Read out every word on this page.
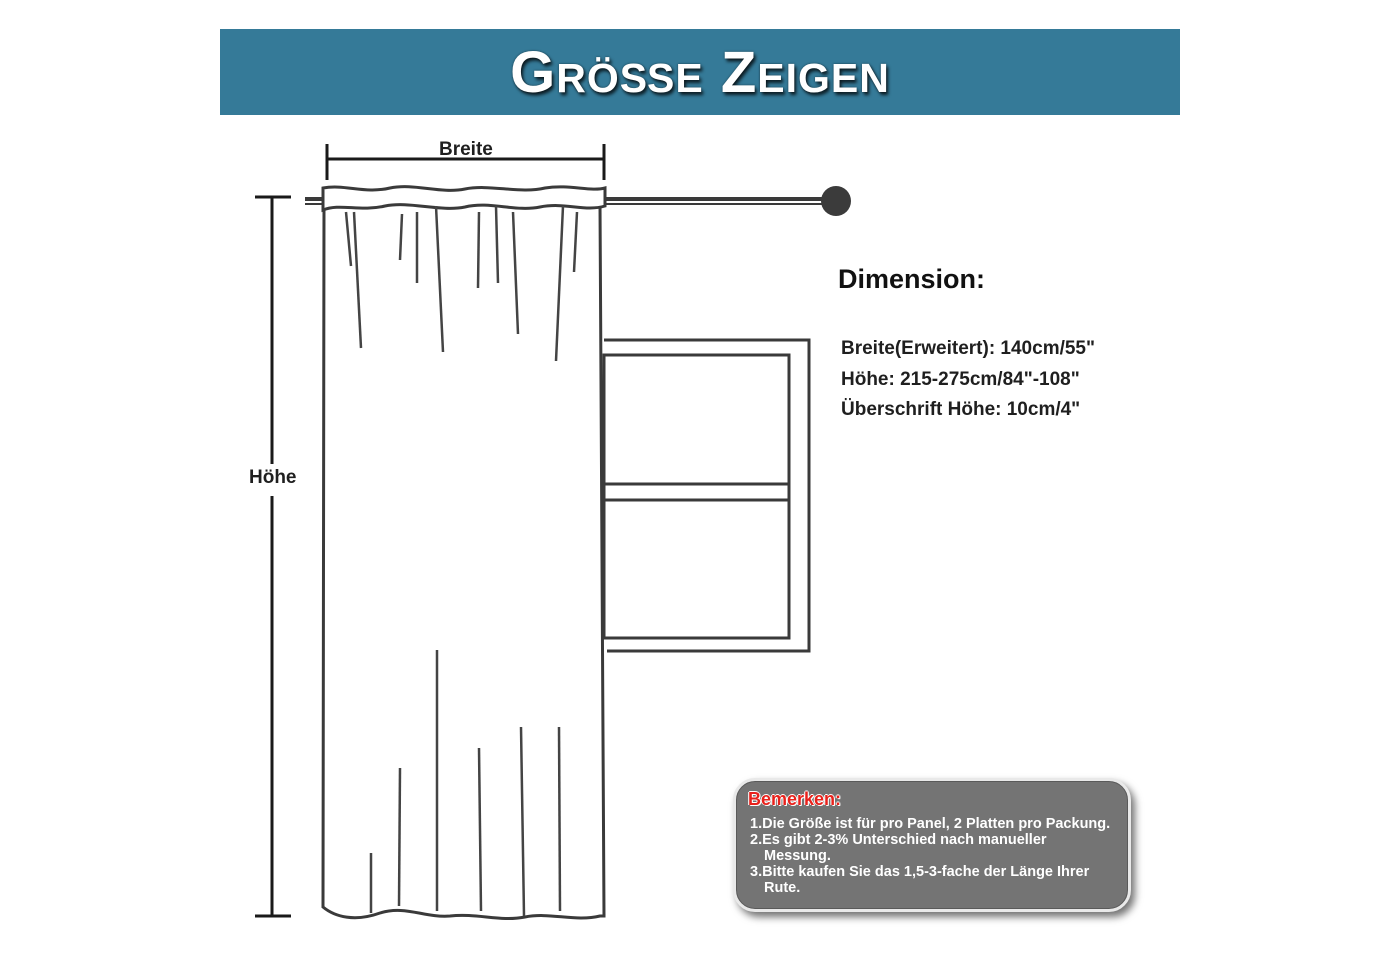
Größe Zeigen
Breite
Höhe
Dimension:
Breite(Erweitert): 140cm/55"
Höhe: 215-275cm/84"-108"
Überschrift Höhe: 10cm/4"
Bemerken:
1.Die Größe ist für pro Panel, 2 Platten pro Packung.
2.Es gibt 2-3% Unterschied nach manueller Messung.
3.Bitte kaufen Sie das 1,5-3-fache der Länge Ihrer Rute.
